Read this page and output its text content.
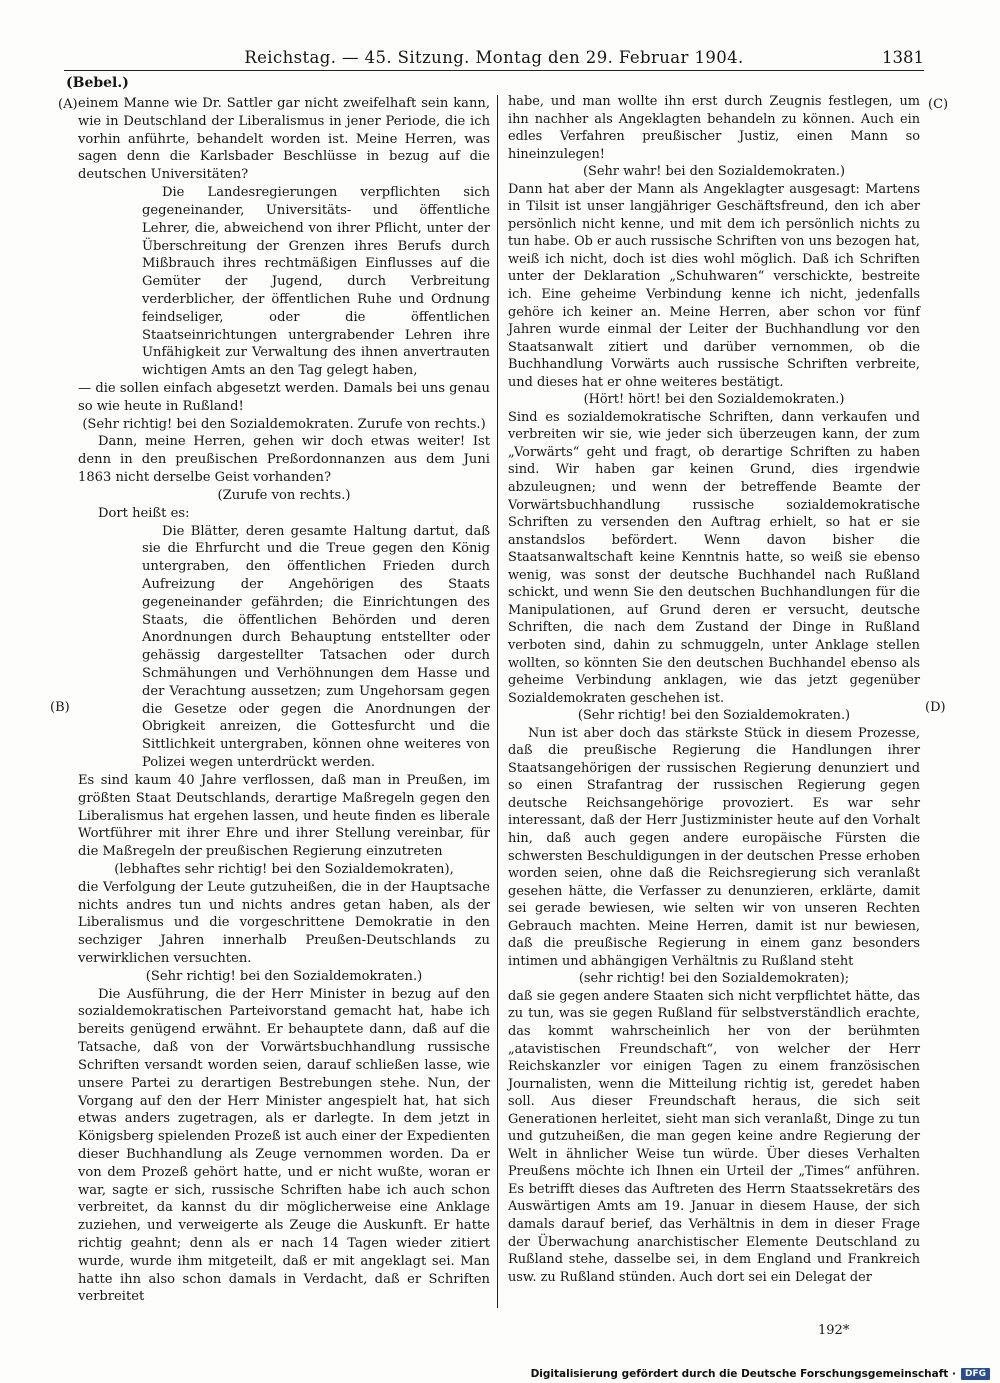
Reichstag. — 45. Sitzung. Montag den 29. Februar 1904.	1381
(Bebel.)
(A)
(B)
(C)
(D)

einem Manne wie Dr. Sattler gar nicht zweifelhaft sein kann, wie in Deutschland der Liberalismus in jener Periode, die ich vorhin anführte, behandelt worden ist. Meine Herren, was sagen denn die Karlsbader Beschlüsse in bezug auf die deutschen Universitäten?

Die Landesregierungen verpflichten sich gegeneinander, Universitäts- und öffentliche Lehrer, die, abweichend von ihrer Pflicht, unter der Überschreitung der Grenzen ihres Berufs durch Mißbrauch ihres rechtmäßigen Einflusses auf die Gemüter der Jugend, durch Verbreitung verderblicher, der öffentlichen Ruhe und Ordnung feindseliger, oder die öffentlichen Staatseinrichtungen untergrabender Lehren ihre Unfähigkeit zur Verwaltung des ihnen anvertrauten wichtigen Amts an den Tag gelegt haben,

— die sollen einfach abgesetzt werden. Damals bei uns genau so wie heute in Rußland!

(Sehr richtig! bei den Sozialdemokraten. Zurufe von rechts.)

Dann, meine Herren, gehen wir doch etwas weiter! Ist denn in den preußischen Preßordonnanzen aus dem Juni 1863 nicht derselbe Geist vorhanden?

(Zurufe von rechts.)

Dort heißt es:

Die Blätter, deren gesamte Haltung dartut, daß sie die Ehrfurcht und die Treue gegen den König untergraben, den öffentlichen Frieden durch Aufreizung der Angehörigen des Staats gegeneinander gefährden; die Einrichtungen des Staats, die öffentlichen Behörden und deren Anordnungen durch Behauptung entstellter oder gehässig dargestellter Tatsachen oder durch Schmähungen und Verhöhnungen dem Hasse und der Verachtung aussetzen; zum Ungehorsam gegen die Gesetze oder gegen die Anordnungen der Obrigkeit anreizen, die Gottesfurcht und die Sittlichkeit untergraben, können ohne weiteres von Polizei wegen unterdrückt werden.

Es sind kaum 40 Jahre verflossen, daß man in Preußen, im größten Staat Deutschlands, derartige Maßregeln gegen den Liberalismus hat ergehen lassen, und heute finden es liberale Wortführer mit ihrer Ehre und ihrer Stellung vereinbar, für die Maßregeln der preußischen Regierung einzutreten

(lebhaftes sehr richtig! bei den Sozialdemokraten),

die Verfolgung der Leute gutzuheißen, die in der Hauptsache nichts andres tun und nichts andres getan haben, als der Liberalismus und die vorgeschrittene Demokratie in den sechziger Jahren innerhalb Preußen-Deutschlands zu verwirklichen versuchten.

(Sehr richtig! bei den Sozialdemokraten.)

Die Ausführung, die der Herr Minister in bezug auf den sozialdemokratischen Parteivorstand gemacht hat, habe ich bereits genügend erwähnt. Er behauptete dann, daß auf die Tatsache, daß von der Vorwärtsbuchhandlung russische Schriften versandt worden seien, darauf schließen lasse, wie unsere Partei zu derartigen Bestrebungen stehe. Nun, der Vorgang auf den der Herr Minister angespielt hat, hat sich etwas anders zugetragen, als er darlegte. In dem jetzt in Königsberg spielenden Prozeß ist auch einer der Expedienten dieser Buchhandlung als Zeuge vernommen worden. Da er von dem Prozeß gehört hatte, und er nicht wußte, woran er war, sagte er sich, russische Schriften habe ich auch schon verbreitet, da kannst du dir möglicherweise eine Anklage zuziehen, und verweigerte als Zeuge die Auskunft. Er hatte richtig geahnt; denn als er nach 14 Tagen wieder zitiert wurde, wurde ihm mitgeteilt, daß er mit angeklagt sei. Man hatte ihn also schon damals in Verdacht, daß er Schriften verbreitet

habe, und man wollte ihn erst durch Zeugnis festlegen, um ihn nachher als Angeklagten behandeln zu können. Auch ein edles Verfahren preußischer Justiz, einen Mann so hineinzulegen!

(Sehr wahr! bei den Sozialdemokraten.)

Dann hat aber der Mann als Angeklagter ausgesagt: Martens in Tilsit ist unser langjähriger Geschäftsfreund, den ich aber persönlich nicht kenne, und mit dem ich persönlich nichts zu tun habe. Ob er auch russische Schriften von uns bezogen hat, weiß ich nicht, doch ist dies wohl möglich. Daß ich Schriften unter der Deklaration „Schuhwaren“ verschickte, bestreite ich. Eine geheime Verbindung kenne ich nicht, jedenfalls gehöre ich keiner an. Meine Herren, aber schon vor fünf Jahren wurde einmal der Leiter der Buchhandlung vor den Staatsanwalt zitiert und darüber vernommen, ob die Buchhandlung Vorwärts auch russische Schriften verbreite, und dieses hat er ohne weiteres bestätigt.

(Hört! hört! bei den Sozialdemokraten.)

Sind es sozialdemokratische Schriften, dann verkaufen und verbreiten wir sie, wie jeder sich überzeugen kann, der zum „Vorwärts“ geht und fragt, ob derartige Schriften zu haben sind. Wir haben gar keinen Grund, dies irgendwie abzuleugnen; und wenn der betreffende Beamte der Vorwärtsbuchhandlung russische sozialdemokratische Schriften zu versenden den Auftrag erhielt, so hat er sie anstandslos befördert. Wenn davon bisher die Staatsanwaltschaft keine Kenntnis hatte, so weiß sie ebenso wenig, was sonst der deutsche Buchhandel nach Rußland schickt, und wenn Sie den deutschen Buchhandlungen für die Manipulationen, auf Grund deren er versucht, deutsche Schriften, die nach dem Zustand der Dinge in Rußland verboten sind, dahin zu schmuggeln, unter Anklage stellen wollten, so könnten Sie den deutschen Buchhandel ebenso als geheime Verbindung anklagen, wie das jetzt gegenüber Sozialdemokraten geschehen ist.

(Sehr richtig! bei den Sozialdemokraten.)

Nun ist aber doch das stärkste Stück in diesem Prozesse, daß die preußische Regierung die Handlungen ihrer Staatsangehörigen der russischen Regierung denunziert und so einen Strafantrag der russischen Regierung gegen deutsche Reichsangehörige provoziert. Es war sehr interessant, daß der Herr Justizminister heute auf den Vorhalt hin, daß auch gegen andere europäische Fürsten die schwersten Beschuldigungen in der deutschen Presse erhoben worden seien, ohne daß die Reichsregierung sich veranlaßt gesehen hätte, die Verfasser zu denunzieren, erklärte, damit sei gerade bewiesen, wie selten wir von unseren Rechten Gebrauch machten. Meine Herren, damit ist nur bewiesen, daß die preußische Regierung in einem ganz besonders intimen und abhängigen Verhältnis zu Rußland steht

(sehr richtig! bei den Sozialdemokraten);

daß sie gegen andere Staaten sich nicht verpflichtet hätte, das zu tun, was sie gegen Rußland für selbstverständlich erachte, das kommt wahrscheinlich her von der berühmten „atavistischen Freundschaft“, von welcher der Herr Reichskanzler vor einigen Tagen zu einem französischen Journalisten, wenn die Mitteilung richtig ist, geredet haben soll. Aus dieser Freundschaft heraus, die sich seit Generationen herleitet, sieht man sich veranlaßt, Dinge zu tun und gutzuheißen, die man gegen keine andre Regierung der Welt in ähnlicher Weise tun würde. Über dieses Verhalten Preußens möchte ich Ihnen ein Urteil der „Times“ anführen. Es betrifft dieses das Auftreten des Herrn Staatssekretärs des Auswärtigen Amts am 19. Januar in diesem Hause, der sich damals darauf berief, das Verhältnis in dem in dieser Frage der Überwachung anarchistischer Elemente Deutschland zu Rußland stehe, dasselbe sei, in dem England und Frankreich usw. zu Rußland stünden. Auch dort sei ein Delegat der

192*
Digitalisierung gefördert durch die Deutsche Forschungsgemeinschaft ·	DFG
